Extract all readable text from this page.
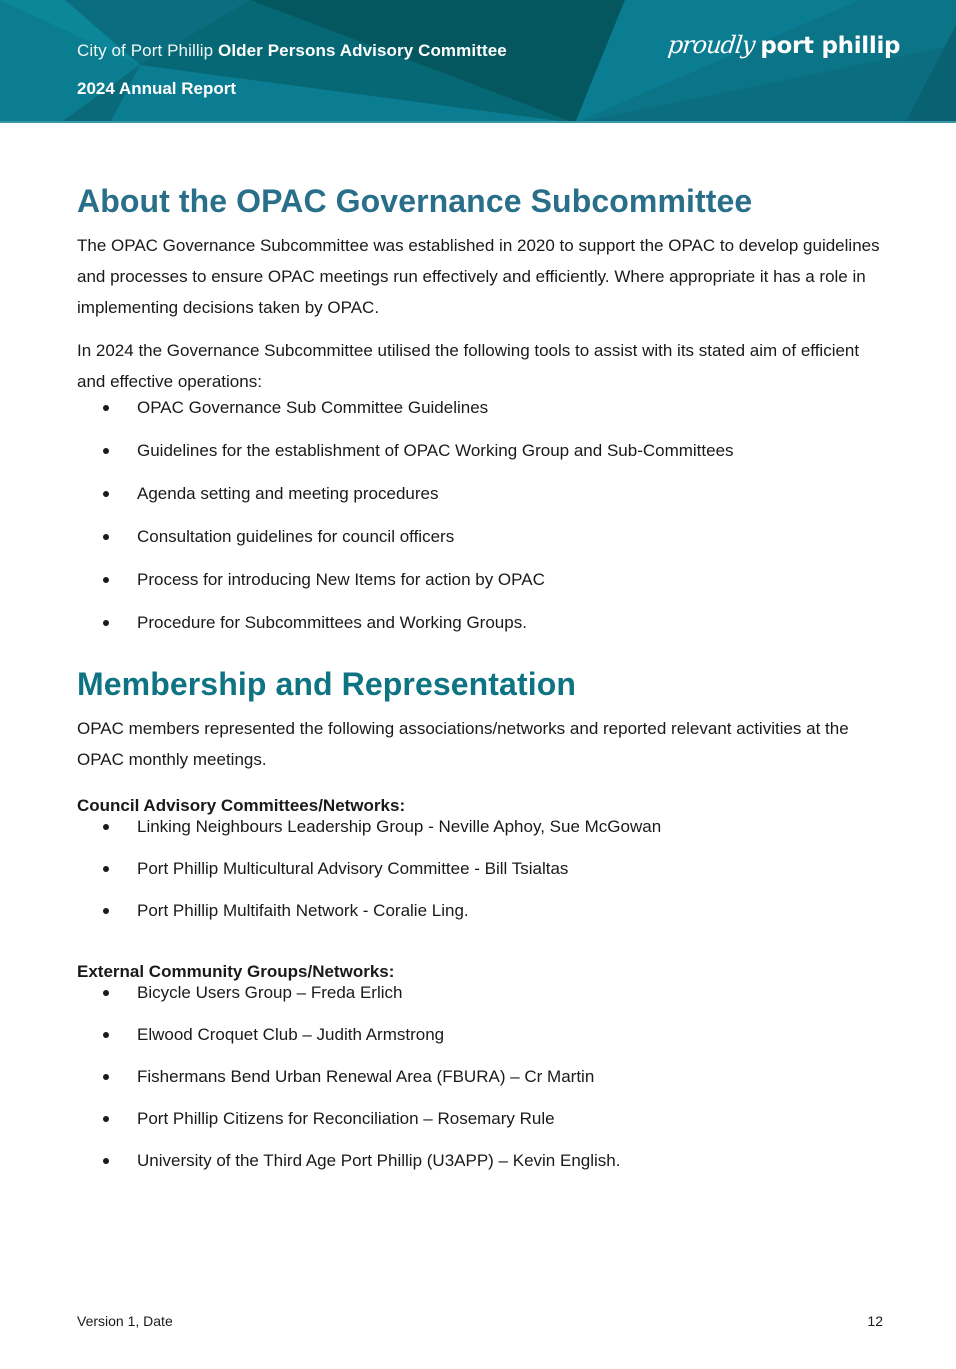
City of Port Phillip Older Persons Advisory Committee
2024 Annual Report
proudly port phillip
About the OPAC Governance Subcommittee

The OPAC Governance Subcommittee was established in 2020 to support the OPAC to develop guidelines and processes to ensure OPAC meetings run effectively and efficiently. Where appropriate it has a role in implementing decisions taken by OPAC.

In 2024 the Governance Subcommittee utilised the following tools to assist with its stated aim of efficient and effective operations:

OPAC Governance Sub Committee Guidelines
Guidelines for the establishment of OPAC Working Group and Sub-Committees
Agenda setting and meeting procedures
Consultation guidelines for council officers
Process for introducing New Items for action by OPAC
Procedure for Subcommittees and Working Groups.
Membership and Representation

OPAC members represented the following associations/networks and reported relevant activities at the OPAC monthly meetings.

Council Advisory Committees/Networks:

Linking Neighbours Leadership Group - Neville Aphoy, Sue McGowan
Port Phillip Multicultural Advisory Committee - Bill Tsialtas
Port Phillip Multifaith Network - Coralie Ling.

External Community Groups/Networks:

Bicycle Users Group – Freda Erlich
Elwood Croquet Club – Judith Armstrong
Fishermans Bend Urban Renewal Area (FBURA) – Cr Martin
Port Phillip Citizens for Reconciliation – Rosemary Rule
University of the Third Age Port Phillip (U3APP) – Kevin English.
Version 1, Date	12
